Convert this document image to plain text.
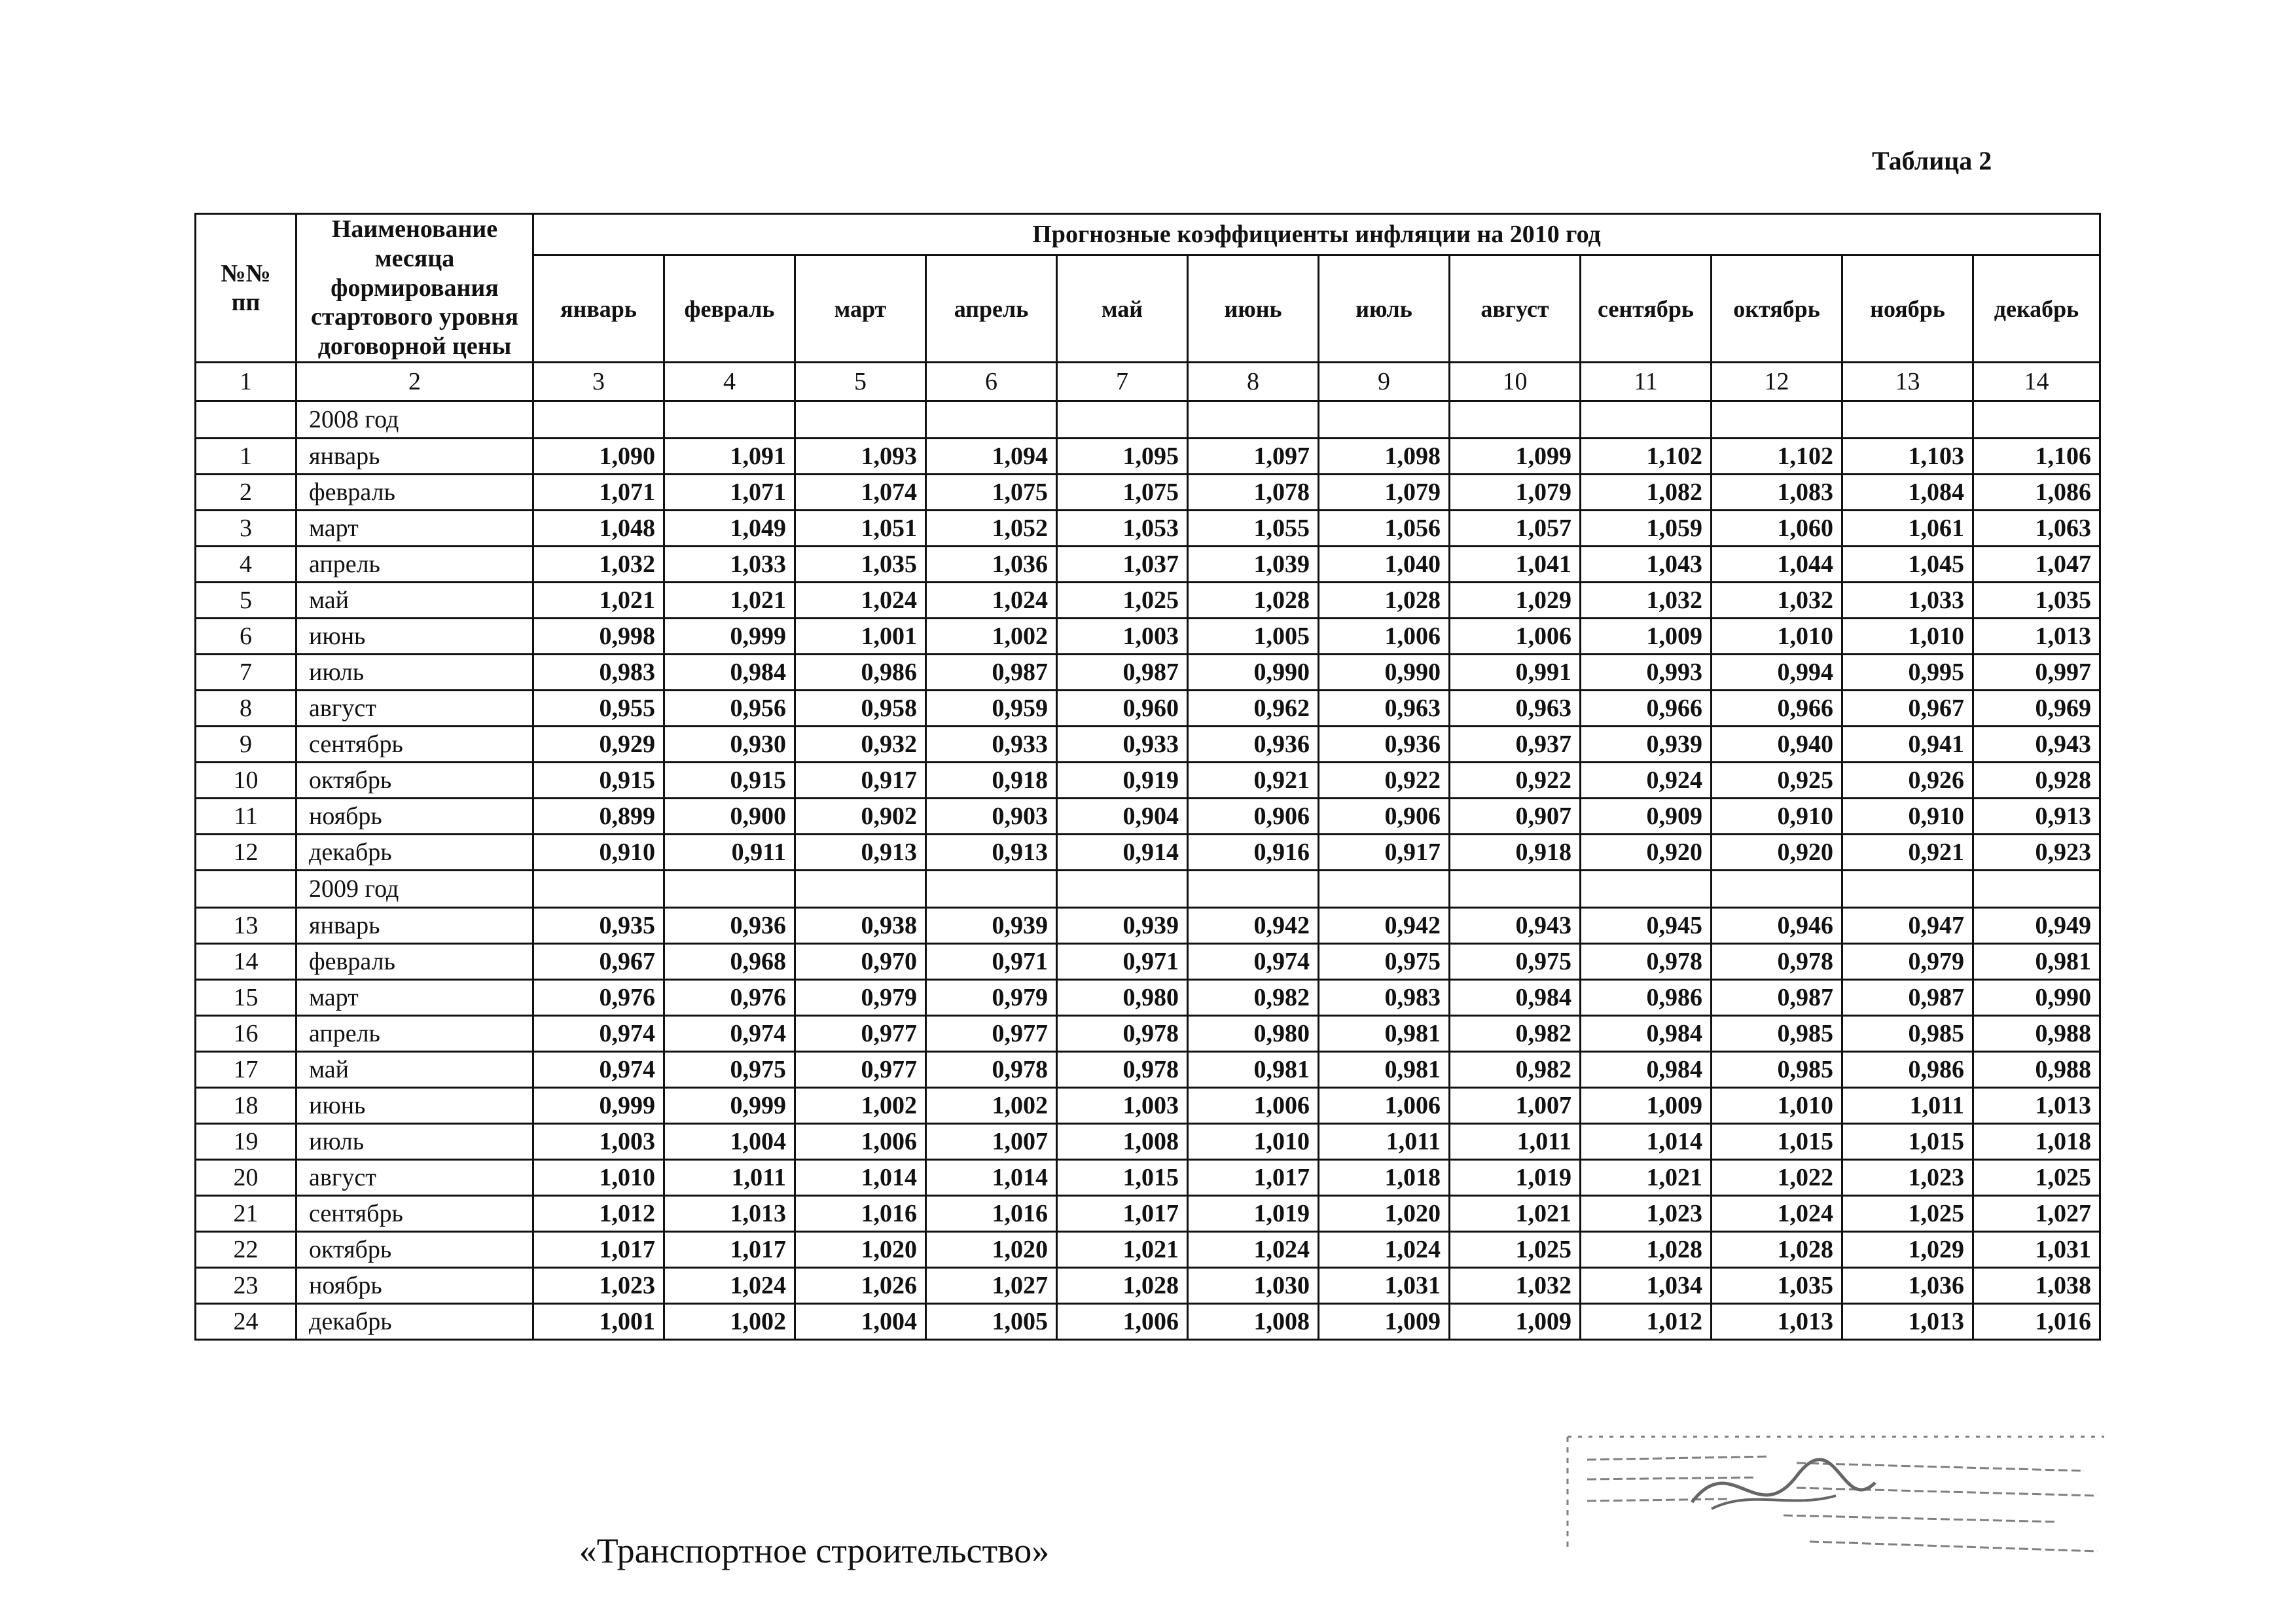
Таблица 2
№№ пп	Наименование месяца формирования стартового уровня договорной цены	Прогнозные коэффициенты инфляции на 2010 год											
		январь	февраль	март	апрель	май	июнь	июль	август	сентябрь	октябрь	ноябрь	декабрь
1	2	3	4	5	6	7	8	9	10	11	12	13	14
	2008 год												
1	январь	1,090	1,091	1,093	1,094	1,095	1,097	1,098	1,099	1,102	1,102	1,103	1,106
2	февраль	1,071	1,071	1,074	1,075	1,075	1,078	1,079	1,079	1,082	1,083	1,084	1,086
3	март	1,048	1,049	1,051	1,052	1,053	1,055	1,056	1,057	1,059	1,060	1,061	1,063
4	апрель	1,032	1,033	1,035	1,036	1,037	1,039	1,040	1,041	1,043	1,044	1,045	1,047
5	май	1,021	1,021	1,024	1,024	1,025	1,028	1,028	1,029	1,032	1,032	1,033	1,035
6	июнь	0,998	0,999	1,001	1,002	1,003	1,005	1,006	1,006	1,009	1,010	1,010	1,013
7	июль	0,983	0,984	0,986	0,987	0,987	0,990	0,990	0,991	0,993	0,994	0,995	0,997
8	август	0,955	0,956	0,958	0,959	0,960	0,962	0,963	0,963	0,966	0,966	0,967	0,969
9	сентябрь	0,929	0,930	0,932	0,933	0,933	0,936	0,936	0,937	0,939	0,940	0,941	0,943
10	октябрь	0,915	0,915	0,917	0,918	0,919	0,921	0,922	0,922	0,924	0,925	0,926	0,928
11	ноябрь	0,899	0,900	0,902	0,903	0,904	0,906	0,906	0,907	0,909	0,910	0,910	0,913
12	декабрь	0,910	0,911	0,913	0,913	0,914	0,916	0,917	0,918	0,920	0,920	0,921	0,923
	2009 год												
13	январь	0,935	0,936	0,938	0,939	0,939	0,942	0,942	0,943	0,945	0,946	0,947	0,949
14	февраль	0,967	0,968	0,970	0,971	0,971	0,974	0,975	0,975	0,978	0,978	0,979	0,981
15	март	0,976	0,976	0,979	0,979	0,980	0,982	0,983	0,984	0,986	0,987	0,987	0,990
16	апрель	0,974	0,974	0,977	0,977	0,978	0,980	0,981	0,982	0,984	0,985	0,985	0,988
17	май	0,974	0,975	0,977	0,978	0,978	0,981	0,981	0,982	0,984	0,985	0,986	0,988
18	июнь	0,999	0,999	1,002	1,002	1,003	1,006	1,006	1,007	1,009	1,010	1,011	1,013
19	июль	1,003	1,004	1,006	1,007	1,008	1,010	1,011	1,011	1,014	1,015	1,015	1,018
20	август	1,010	1,011	1,014	1,014	1,015	1,017	1,018	1,019	1,021	1,022	1,023	1,025
21	сентябрь	1,012	1,013	1,016	1,016	1,017	1,019	1,020	1,021	1,023	1,024	1,025	1,027
22	октябрь	1,017	1,017	1,020	1,020	1,021	1,024	1,024	1,025	1,028	1,028	1,029	1,031
23	ноябрь	1,023	1,024	1,026	1,027	1,028	1,030	1,031	1,032	1,034	1,035	1,036	1,038
24	декабрь	1,001	1,002	1,004	1,005	1,006	1,008	1,009	1,009	1,012	1,013	1,013	1,016
«Транспортное строительство»
